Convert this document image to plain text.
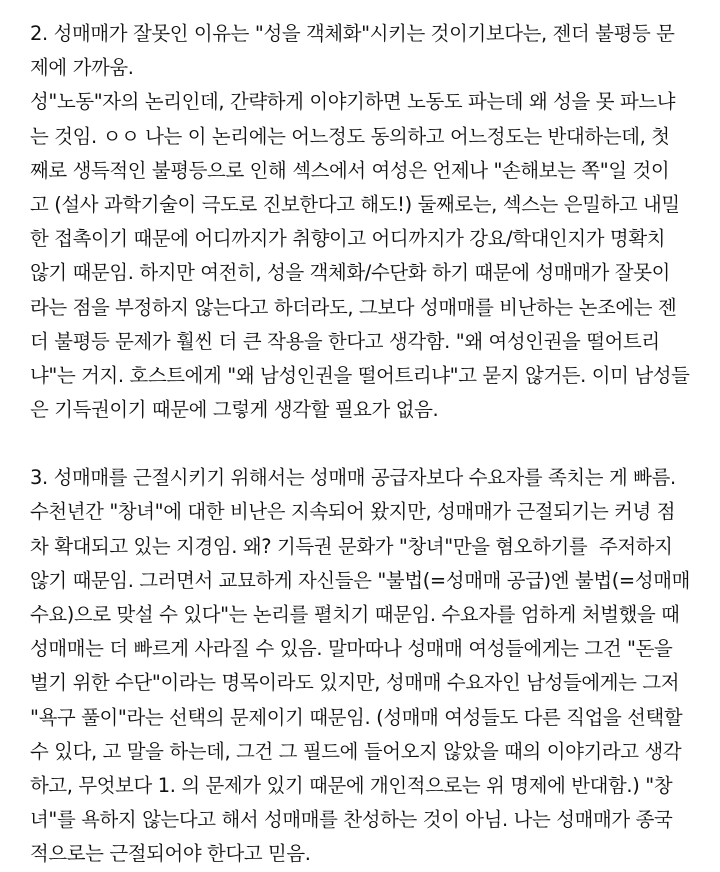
2. 성매매가 잘못인 이유는 "성을 객체화"시키는 것이기보다는, 젠더 불평등 문
제에 가까움.
성"노동"자의 논리인데, 간략하게 이야기하면 노동도 파는데 왜 성을 못 파느냐
는 것임. ㅇㅇ 나는 이 논리에는 어느정도 동의하고 어느정도는 반대하는데, 첫
째로 생득적인 불평등으로 인해 섹스에서 여성은 언제나 "손해보는 쪽"일 것이
고 (설사 과학기술이 극도로 진보한다고 해도!) 둘째로는, 섹스는 은밀하고 내밀
한 접촉이기 때문에 어디까지가 취향이고 어디까지가 강요/학대인지가 명확치
않기 때문임. 하지만 여전히, 성을 객체화/수단화 하기 때문에 성매매가 잘못이
라는 점을 부정하지 않는다고 하더라도, 그보다 성매매를 비난하는 논조에는 젠
더 불평등 문제가 훨씬 더 큰 작용을 한다고 생각함. "왜 여성인권을 떨어트리
냐"는 거지. 호스트에게 "왜 남성인권을 떨어트리냐"고 묻지 않거든. 이미 남성들
은 기득권이기 때문에 그렇게 생각할 필요가 없음.
3. 성매매를 근절시키기 위해서는 성매매 공급자보다 수요자를 족치는 게 빠름.
수천년간 "창녀"에 대한 비난은 지속되어 왔지만, 성매매가 근절되기는 커녕 점
차 확대되고 있는 지경임. 왜? 기득권 문화가 "창녀"만을 혐오하기를  주저하지
않기 때문임. 그러면서 교묘하게 자신들은 "불법(=성매매 공급)엔 불법(=성매매
수요)으로 맞설 수 있다"는 논리를 펼치기 때문임. 수요자를 엄하게 처벌했을 때
성매매는 더 빠르게 사라질 수 있음. 말마따나 성매매 여성들에게는 그건 "돈을
벌기 위한 수단"이라는 명목이라도 있지만, 성매매 수요자인 남성들에게는 그저
"욕구 풀이"라는 선택의 문제이기 때문임. (성매매 여성들도 다른 직업을 선택할
수 있다, 고 말을 하는데, 그건 그 필드에 들어오지 않았을 때의 이야기라고 생각
하고, 무엇보다 1. 의 문제가 있기 때문에 개인적으로는 위 명제에 반대함.) "창
녀"를 욕하지 않는다고 해서 성매매를 찬성하는 것이 아님. 나는 성매매가 종국
적으로는 근절되어야 한다고 믿음.
